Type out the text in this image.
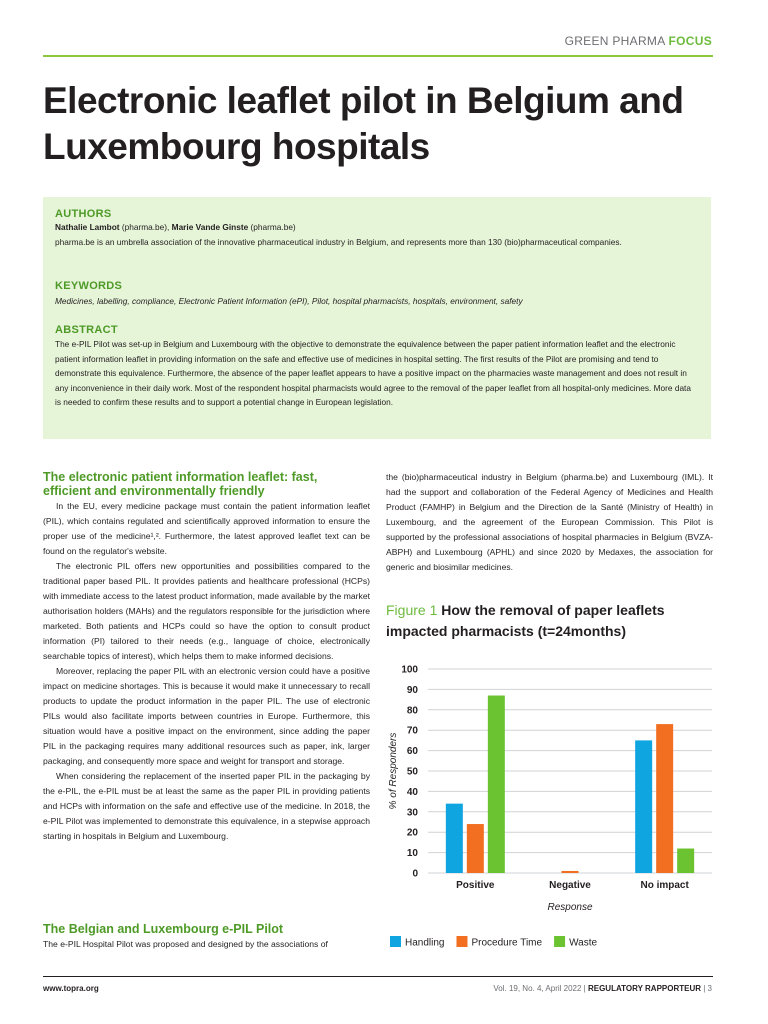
GREEN PHARMA FOCUS
Electronic leaflet pilot in Belgium and Luxembourg hospitals
AUTHORS
Nathalie Lambot (pharma.be), Marie Vande Ginste (pharma.be)
pharma.be is an umbrella association of the innovative pharmaceutical industry in Belgium, and represents more than 130 (bio)pharmaceutical companies.
KEYWORDS
Medicines, labelling, compliance, Electronic Patient Information (ePI), Pilot, hospital pharmacists, hospitals, environment, safety
ABSTRACT
The e-PIL Pilot was set-up in Belgium and Luxembourg with the objective to demonstrate the equivalence between the paper patient information leaflet and the electronic patient information leaflet in providing information on the safe and effective use of medicines in hospital setting. The first results of the Pilot are promising and tend to demonstrate this equivalence. Furthermore, the absence of the paper leaflet appears to have a positive impact on the pharmacies waste management and does not result in any inconvenience in their daily work. Most of the respondent hospital pharmacists would agree to the removal of the paper leaflet from all hospital-only medicines. More data is needed to confirm these results and to support a potential change in European legislation.
The electronic patient information leaflet: fast, efficient and environmentally friendly

In the EU, every medicine package must contain the patient information leaflet (PIL), which contains regulated and scientifically approved information to ensure the proper use of the medicine¹,². Furthermore, the latest approved leaflet text can be found on the regulator's website.

The electronic PIL offers new opportunities and possibilities compared to the traditional paper based PIL. It provides patients and healthcare professional (HCPs) with immediate access to the latest product information, made available by the market authorisation holders (MAHs) and the regulators responsible for the jurisdiction where marketed. Both patients and HCPs could so have the option to consult product information (PI) tailored to their needs (e.g., language of choice, electronically searchable topics of interest), which helps them to make informed decisions.

Moreover, replacing the paper PIL with an electronic version could have a positive impact on medicine shortages. This is because it would make it unnecessary to recall products to update the product information in the paper PIL. The use of electronic PILs would also facilitate imports between countries in Europe. Furthermore, this situation would have a positive impact on the environment, since adding the paper PIL in the packaging requires many additional resources such as paper, ink, larger packaging, and consequently more space and weight for transport and storage.

When considering the replacement of the inserted paper PIL in the packaging by the e-PIL, the e-PIL must be at least the same as the paper PIL in providing patients and HCPs with information on the safe and effective use of the medicine. In 2018, the e-PIL Pilot was implemented to demonstrate this equivalence, in a stepwise approach starting in hospitals in Belgium and Luxembourg.

The Belgian and Luxembourg e-PIL Pilot

The e-PIL Hospital Pilot was proposed and designed by the associations of

the (bio)pharmaceutical industry in Belgium (pharma.be) and Luxembourg (IML). It had the support and collaboration of the Federal Agency of Medicines and Health Product (FAMHP) in Belgium and the Direction de la Santé (Ministry of Health) in Luxembourg, and the agreement of the European Commission. This Pilot is supported by the professional associations of hospital pharmacies in Belgium (BVZA-ABPH) and Luxembourg (APHL) and since 2020 by Medaxes, the association for generic and biosimilar medicines.

Figure 1 How the removal of paper leaflets impacted pharmacists (t=24months)
0
10
20
30
40
50
60
70
80
90
100
Positive	Negative	No impact
Response
% of Responders
Handling	Procedure Time	Waste
www.topra.org	Vol. 19, No. 4, April 2022 | REGULATORY RAPPORTEUR | 3
